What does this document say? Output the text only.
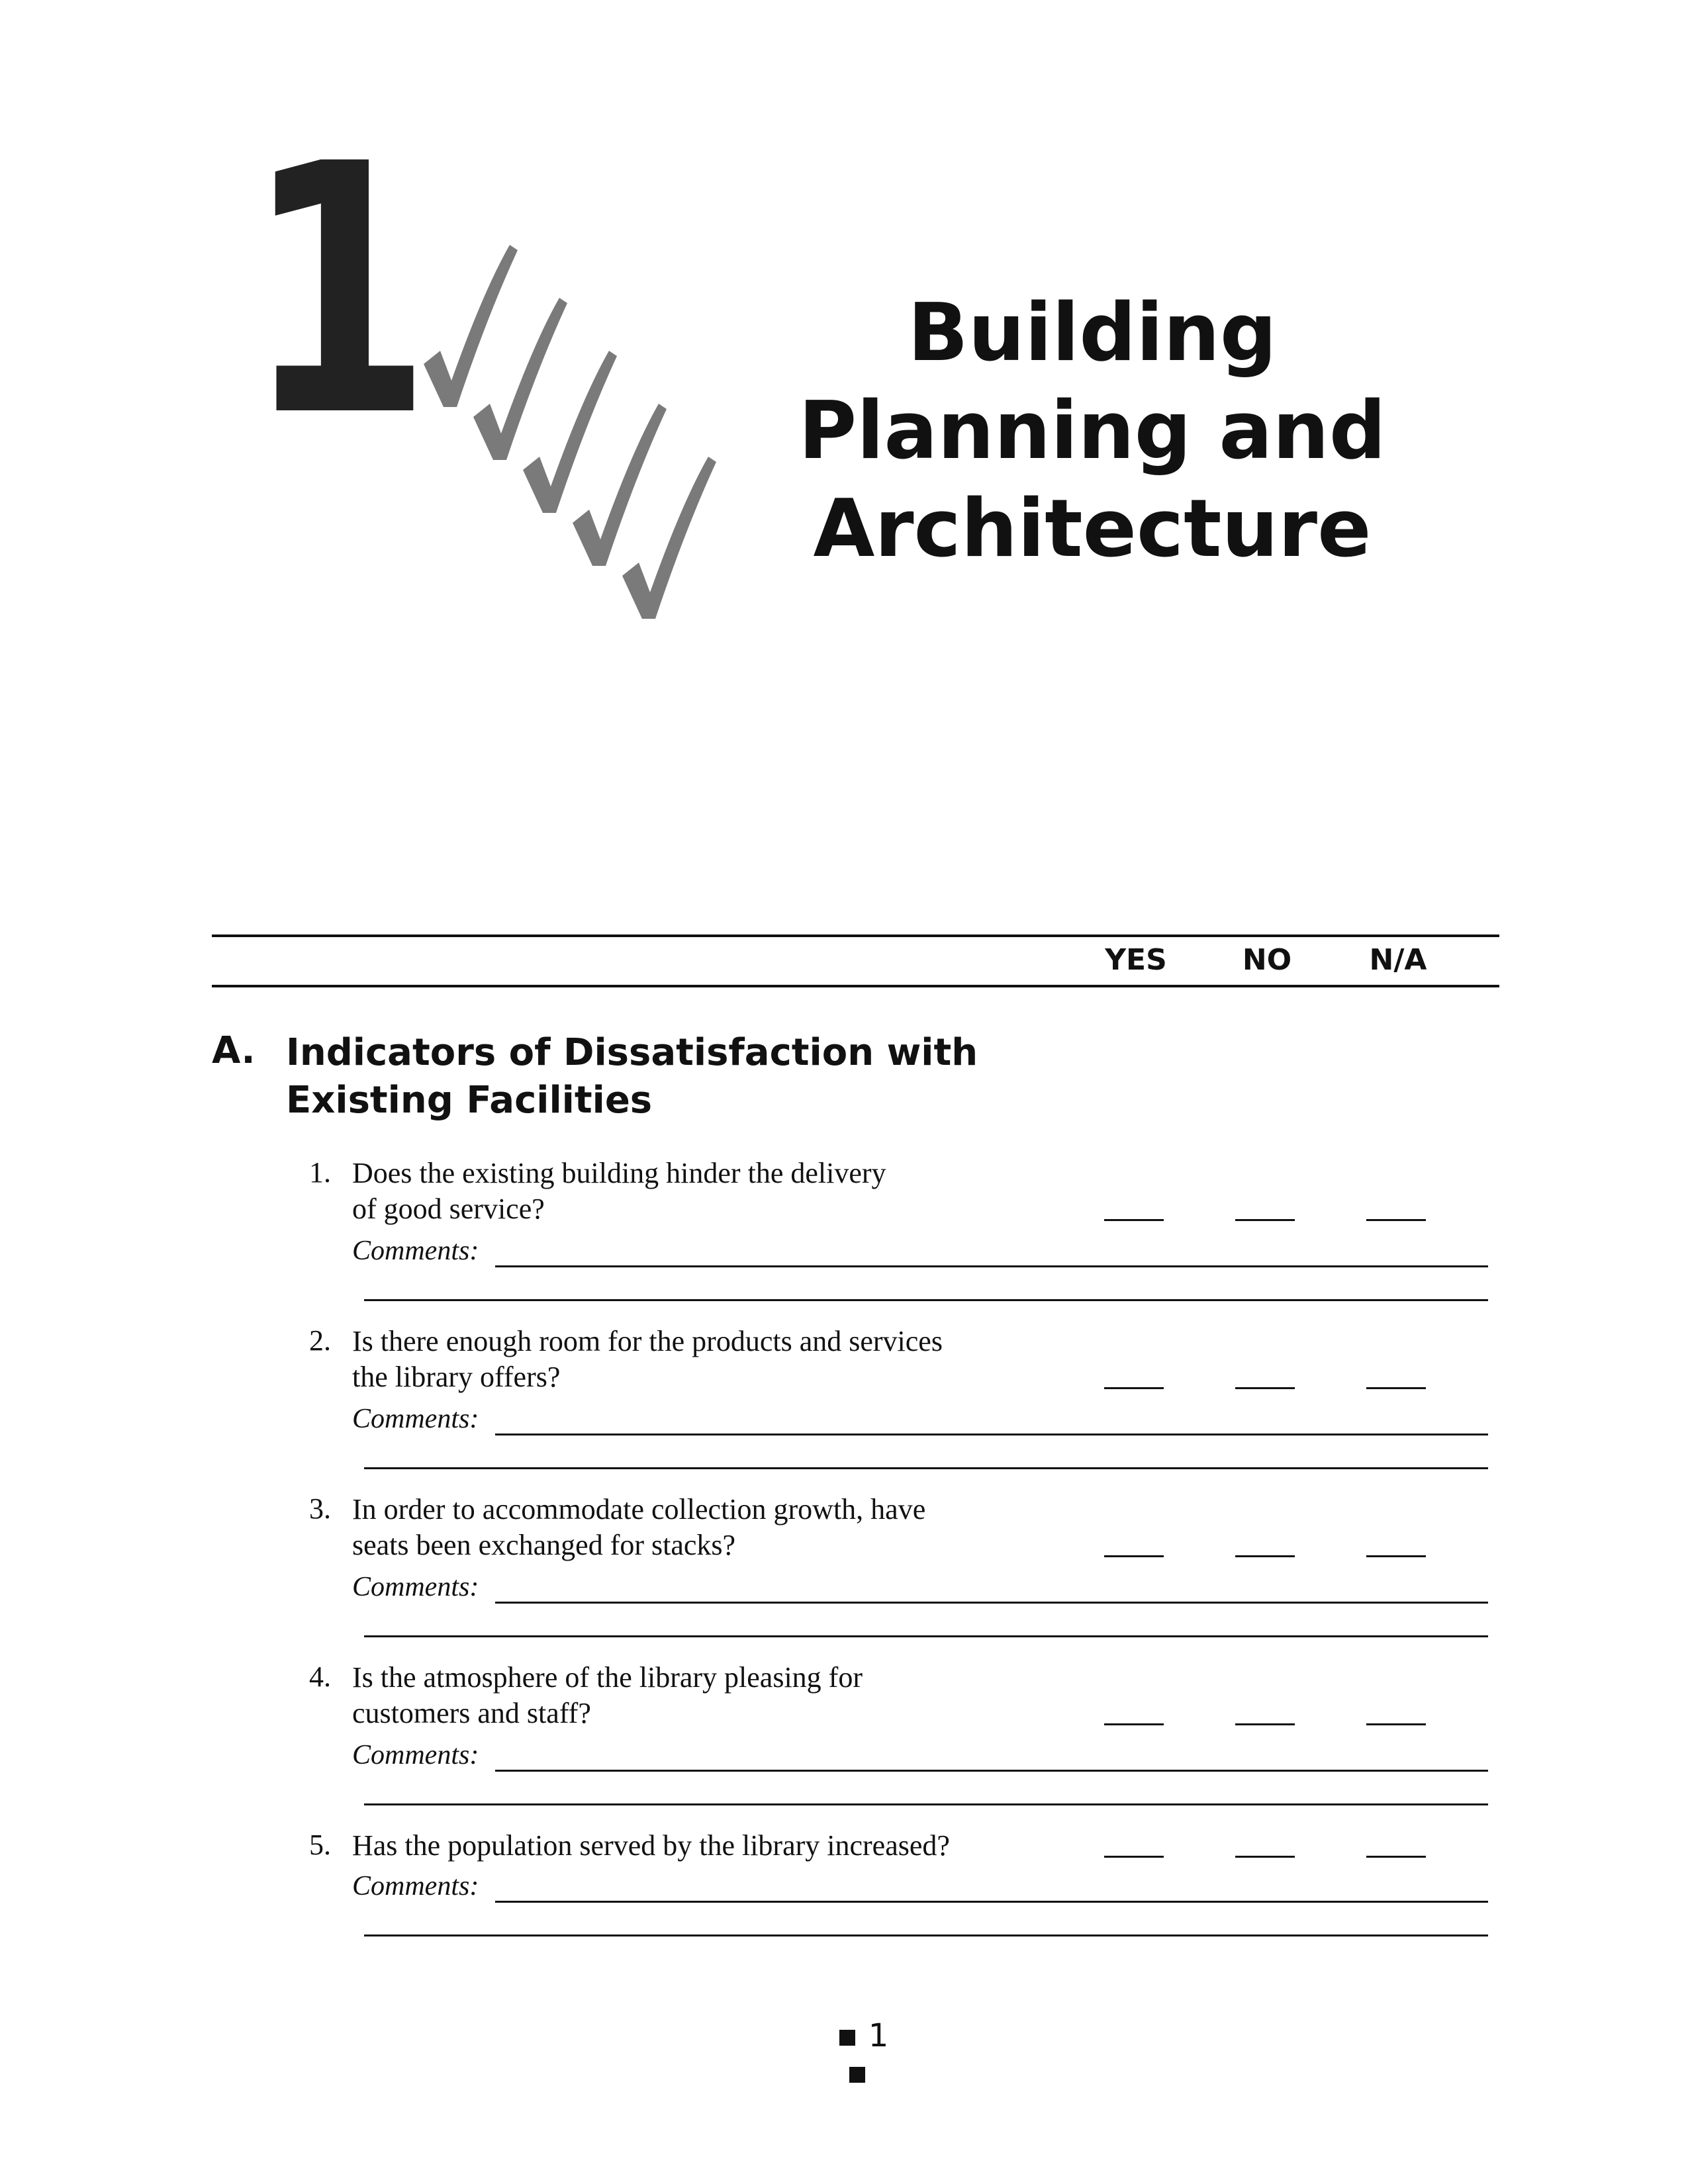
1	Building
Planning and
Architecture
YES	NO	N/A
A. Indicators of Dissatisfaction with
Existing Facilities
1. Does the existing building hinder the delivery
of good service?
Comments:
2. Is there enough room for the products and services
the library offers?
Comments:
3. In order to accommodate collection growth, have
seats been exchanged for stacks?
Comments:
4. Is the atmosphere of the library pleasing for
customers and staff?
Comments:
5. Has the population served by the library increased?
Comments:
1
